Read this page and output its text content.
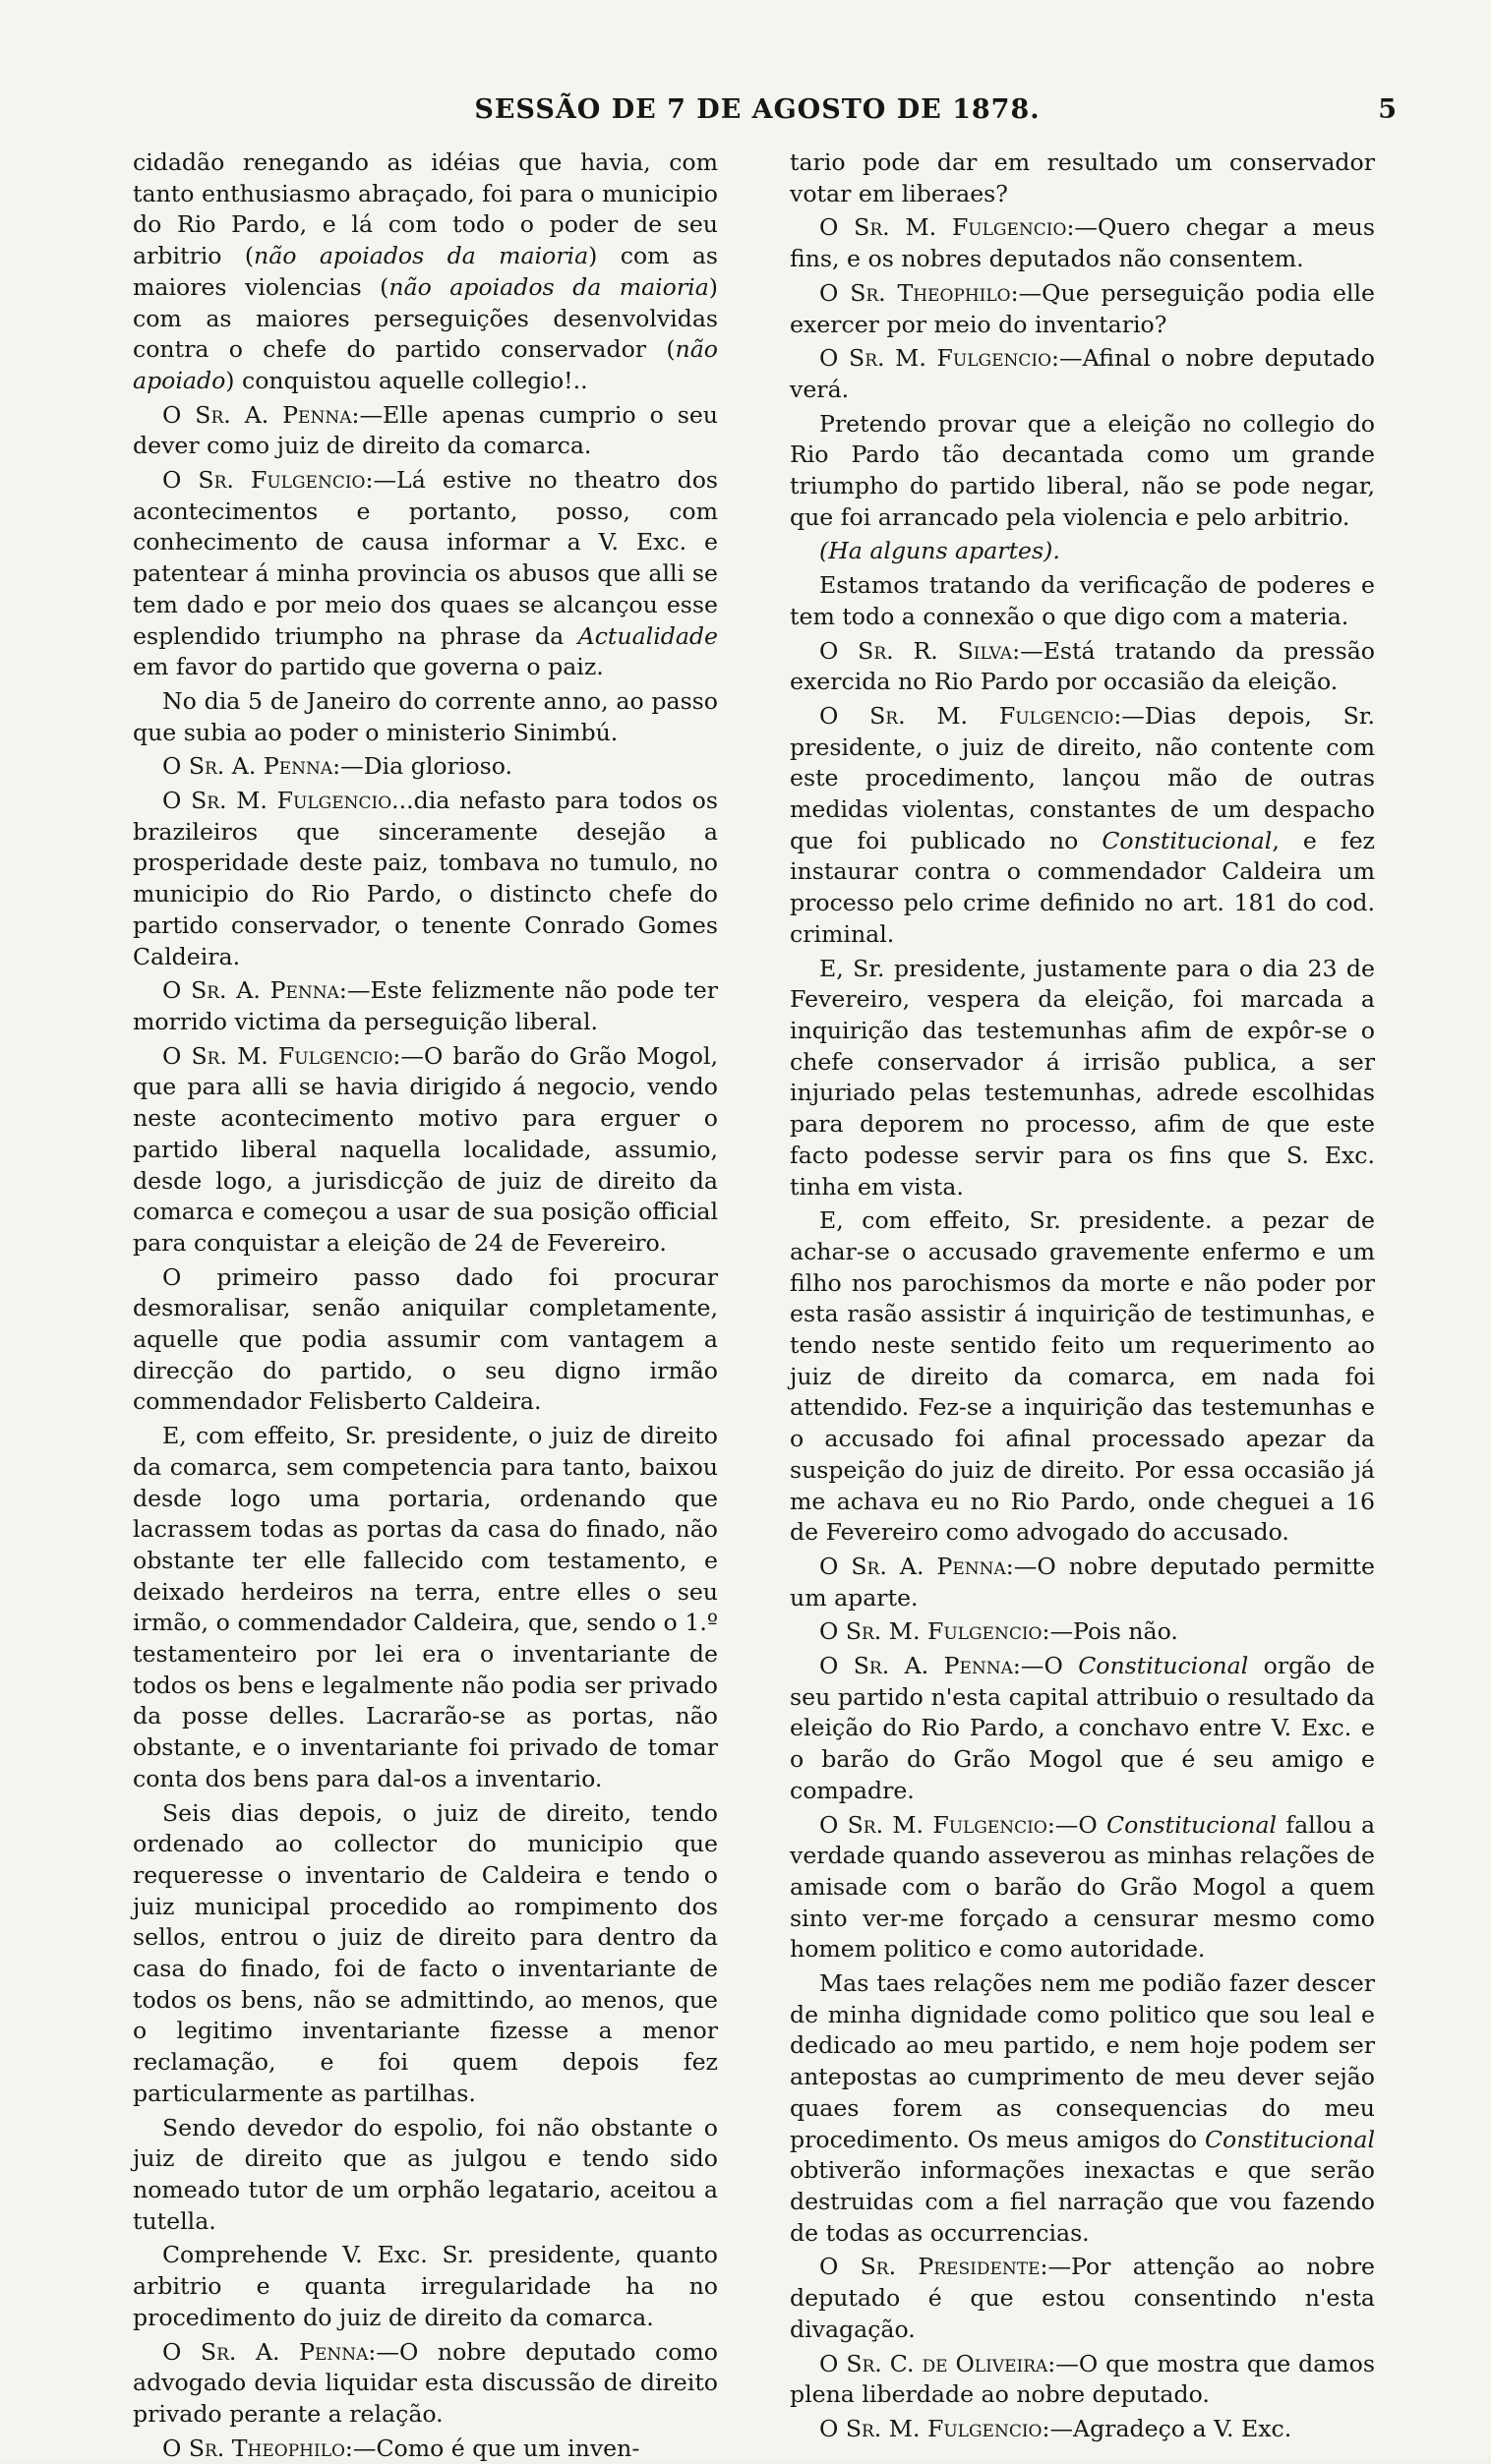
SESSÃO DE 7 DE AGOSTO DE 1878.	5

cidadão renegando as idéias que havia, com tanto enthusiasmo abraçado, foi para o municipio do Rio Pardo, e lá com todo o poder de seu arbitrio (não apoiados da maioria) com as maiores violencias (não apoiados da maioria) com as maiores perseguições desenvolvidas contra o chefe do partido conservador (não apoiado) conquistou aquelle collegio!..

O Sr. A. Penna:—Elle apenas cumprio o seu dever como juiz de direito da comarca.

O Sr. Fulgencio:—Lá estive no theatro dos acontecimentos e portanto, posso, com conhecimento de causa informar a V. Exc. e patentear á minha provincia os abusos que alli se tem dado e por meio dos quaes se alcançou esse esplendido triumpho na phrase da Actualidade em favor do partido que governa o paiz.

No dia 5 de Janeiro do corrente anno, ao passo que subia ao poder o ministerio Sinimbú.

O Sr. A. Penna:—Dia glorioso.

O Sr. M. Fulgencio...dia nefasto para todos os brazileiros que sinceramente desejão a prosperidade deste paiz, tombava no tumulo, no municipio do Rio Pardo, o distincto chefe do partido conservador, o tenente Conrado Gomes Caldeira.

O Sr. A. Penna:—Este felizmente não pode ter morrido victima da perseguição liberal.

O Sr. M. Fulgencio:—O barão do Grão Mogol, que para alli se havia dirigido á negocio, vendo neste acontecimento motivo para erguer o partido liberal naquella localidade, assumio, desde logo, a jurisdicção de juiz de direito da comarca e começou a usar de sua posição official para conquistar a eleição de 24 de Fevereiro.

O primeiro passo dado foi procurar desmoralisar, senão aniquilar completamente, aquelle que podia assumir com vantagem a direcção do partido, o seu digno irmão commendador Felisberto Caldeira.

E, com effeito, Sr. presidente, o juiz de direito da comarca, sem competencia para tanto, baixou desde logo uma portaria, ordenando que lacrassem todas as portas da casa do finado, não obstante ter elle fallecido com testamento, e deixado herdeiros na terra, entre elles o seu irmão, o commendador Caldeira, que, sendo o 1.º testamenteiro por lei era o inventariante de todos os bens e legalmente não podia ser privado da posse delles. Lacrarão-se as portas, não obstante, e o inventariante foi privado de tomar conta dos bens para dal-os a inventario.

Seis dias depois, o juiz de direito, tendo ordenado ao collector do municipio que requeresse o inventario de Caldeira e tendo o juiz municipal procedido ao rompimento dos sellos, entrou o juiz de direito para dentro da casa do finado, foi de facto o inventariante de todos os bens, não se admittindo, ao menos, que o legitimo inventariante fizesse a menor reclamação, e foi quem depois fez particularmente as partilhas.

Sendo devedor do espolio, foi não obstante o juiz de direito que as julgou e tendo sido nomeado tutor de um orphão legatario, aceitou a tutella.

Comprehende V. Exc. Sr. presidente, quanto arbitrio e quanta irregularidade ha no procedimento do juiz de direito da comarca.

O Sr. A. Penna:—O nobre deputado como advogado devia liquidar esta discussão de direito privado perante a relação.

O Sr. Theophilo:—Como é que um inven-

tario pode dar em resultado um conservador votar em liberaes?

O Sr. M. Fulgencio:—Quero chegar a meus fins, e os nobres deputados não consentem.

O Sr. Theophilo:—Que perseguição podia elle exercer por meio do inventario?

O Sr. M. Fulgencio:—Afinal o nobre deputado verá.

Pretendo provar que a eleição no collegio do Rio Pardo tão decantada como um grande triumpho do partido liberal, não se pode negar, que foi arrancado pela violencia e pelo arbitrio.

(Ha alguns apartes).

Estamos tratando da verificação de poderes e tem todo a connexão o que digo com a materia.

O Sr. R. Silva:—Está tratando da pressão exercida no Rio Pardo por occasião da eleição.

O Sr. M. Fulgencio:—Dias depois, Sr. presidente, o juiz de direito, não contente com este procedimento, lançou mão de outras medidas violentas, constantes de um despacho que foi publicado no Constitucional, e fez instaurar contra o commendador Caldeira um processo pelo crime definido no art. 181 do cod. criminal.

E, Sr. presidente, justamente para o dia 23 de Fevereiro, vespera da eleição, foi marcada a inquirição das testemunhas afim de expôr-se o chefe conservador á irrisão publica, a ser injuriado pelas testemunhas, adrede escolhidas para deporem no processo, afim de que este facto podesse servir para os fins que S. Exc. tinha em vista.

E, com effeito, Sr. presidente. a pezar de achar-se o accusado gravemente enfermo e um filho nos parochismos da morte e não poder por esta rasão assistir á inquirição de testimunhas, e tendo neste sentido feito um requerimento ao juiz de direito da comarca, em nada foi attendido. Fez-se a inquirição das testemunhas e o accusado foi afinal processado apezar da suspeição do juiz de direito. Por essa occasião já me achava eu no Rio Pardo, onde cheguei a 16 de Fevereiro como advogado do accusado.

O Sr. A. Penna:—O nobre deputado permitte um aparte.

O Sr. M. Fulgencio:—Pois não.

O Sr. A. Penna:—O Constitucional orgão de seu partido n'esta capital attribuio o resultado da eleição do Rio Pardo, a conchavo entre V. Exc. e o barão do Grão Mogol que é seu amigo e compadre.

O Sr. M. Fulgencio:—O Constitucional fallou a verdade quando asseverou as minhas relações de amisade com o barão do Grão Mogol a quem sinto ver-me forçado a censurar mesmo como homem politico e como autoridade.

Mas taes relações nem me podião fazer descer de minha dignidade como politico que sou leal e dedicado ao meu partido, e nem hoje podem ser antepostas ao cumprimento de meu dever sejão quaes forem as consequencias do meu procedimento. Os meus amigos do Constitucional obtiverão informações inexactas e que serão destruidas com a fiel narração que vou fazendo de todas as occurrencias.

O Sr. Presidente:—Por attenção ao nobre deputado é que estou consentindo n'esta divagação.

O Sr. C. de Oliveira:—O que mostra que damos plena liberdade ao nobre deputado.

O Sr. M. Fulgencio:—Agradeço a V. Exc.
